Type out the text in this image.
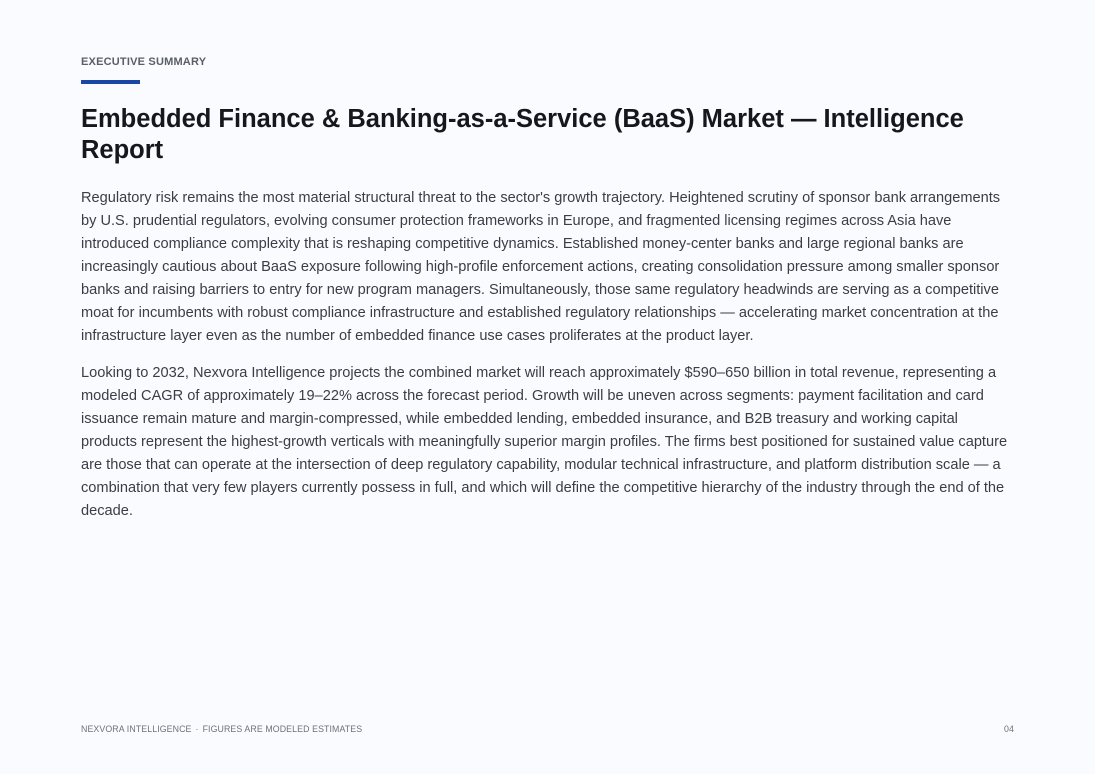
EXECUTIVE SUMMARY
Embedded Finance & Banking-as-a-Service (BaaS) Market — Intelligence Report

Regulatory risk remains the most material structural threat to the sector's growth trajectory. Heightened scrutiny of sponsor bank arrangements by U.S. prudential regulators, evolving consumer protection frameworks in Europe, and fragmented licensing regimes across Asia have introduced compliance complexity that is reshaping competitive dynamics. Established money-center banks and large regional banks are increasingly cautious about BaaS exposure following high-profile enforcement actions, creating consolidation pressure among smaller sponsor banks and raising barriers to entry for new program managers. Simultaneously, those same regulatory headwinds are serving as a competitive moat for incumbents with robust compliance infrastructure and established regulatory relationships — accelerating market concentration at the infrastructure layer even as the number of embedded finance use cases proliferates at the product layer.

Looking to 2032, Nexvora Intelligence projects the combined market will reach approximately $590–650 billion in total revenue, representing a modeled CAGR of approximately 19–22% across the forecast period. Growth will be uneven across segments: payment facilitation and card issuance remain mature and margin-compressed, while embedded lending, embedded insurance, and B2B treasury and working capital products represent the highest-growth verticals with meaningfully superior margin profiles. The firms best positioned for sustained value capture are those that can operate at the intersection of deep regulatory capability, modular technical infrastructure, and platform distribution scale — a combination that very few players currently possess in full, and which will define the competitive hierarchy of the industry through the end of the decade.

NEXVORA INTELLIGENCE · FIGURES ARE MODELED ESTIMATES	04
